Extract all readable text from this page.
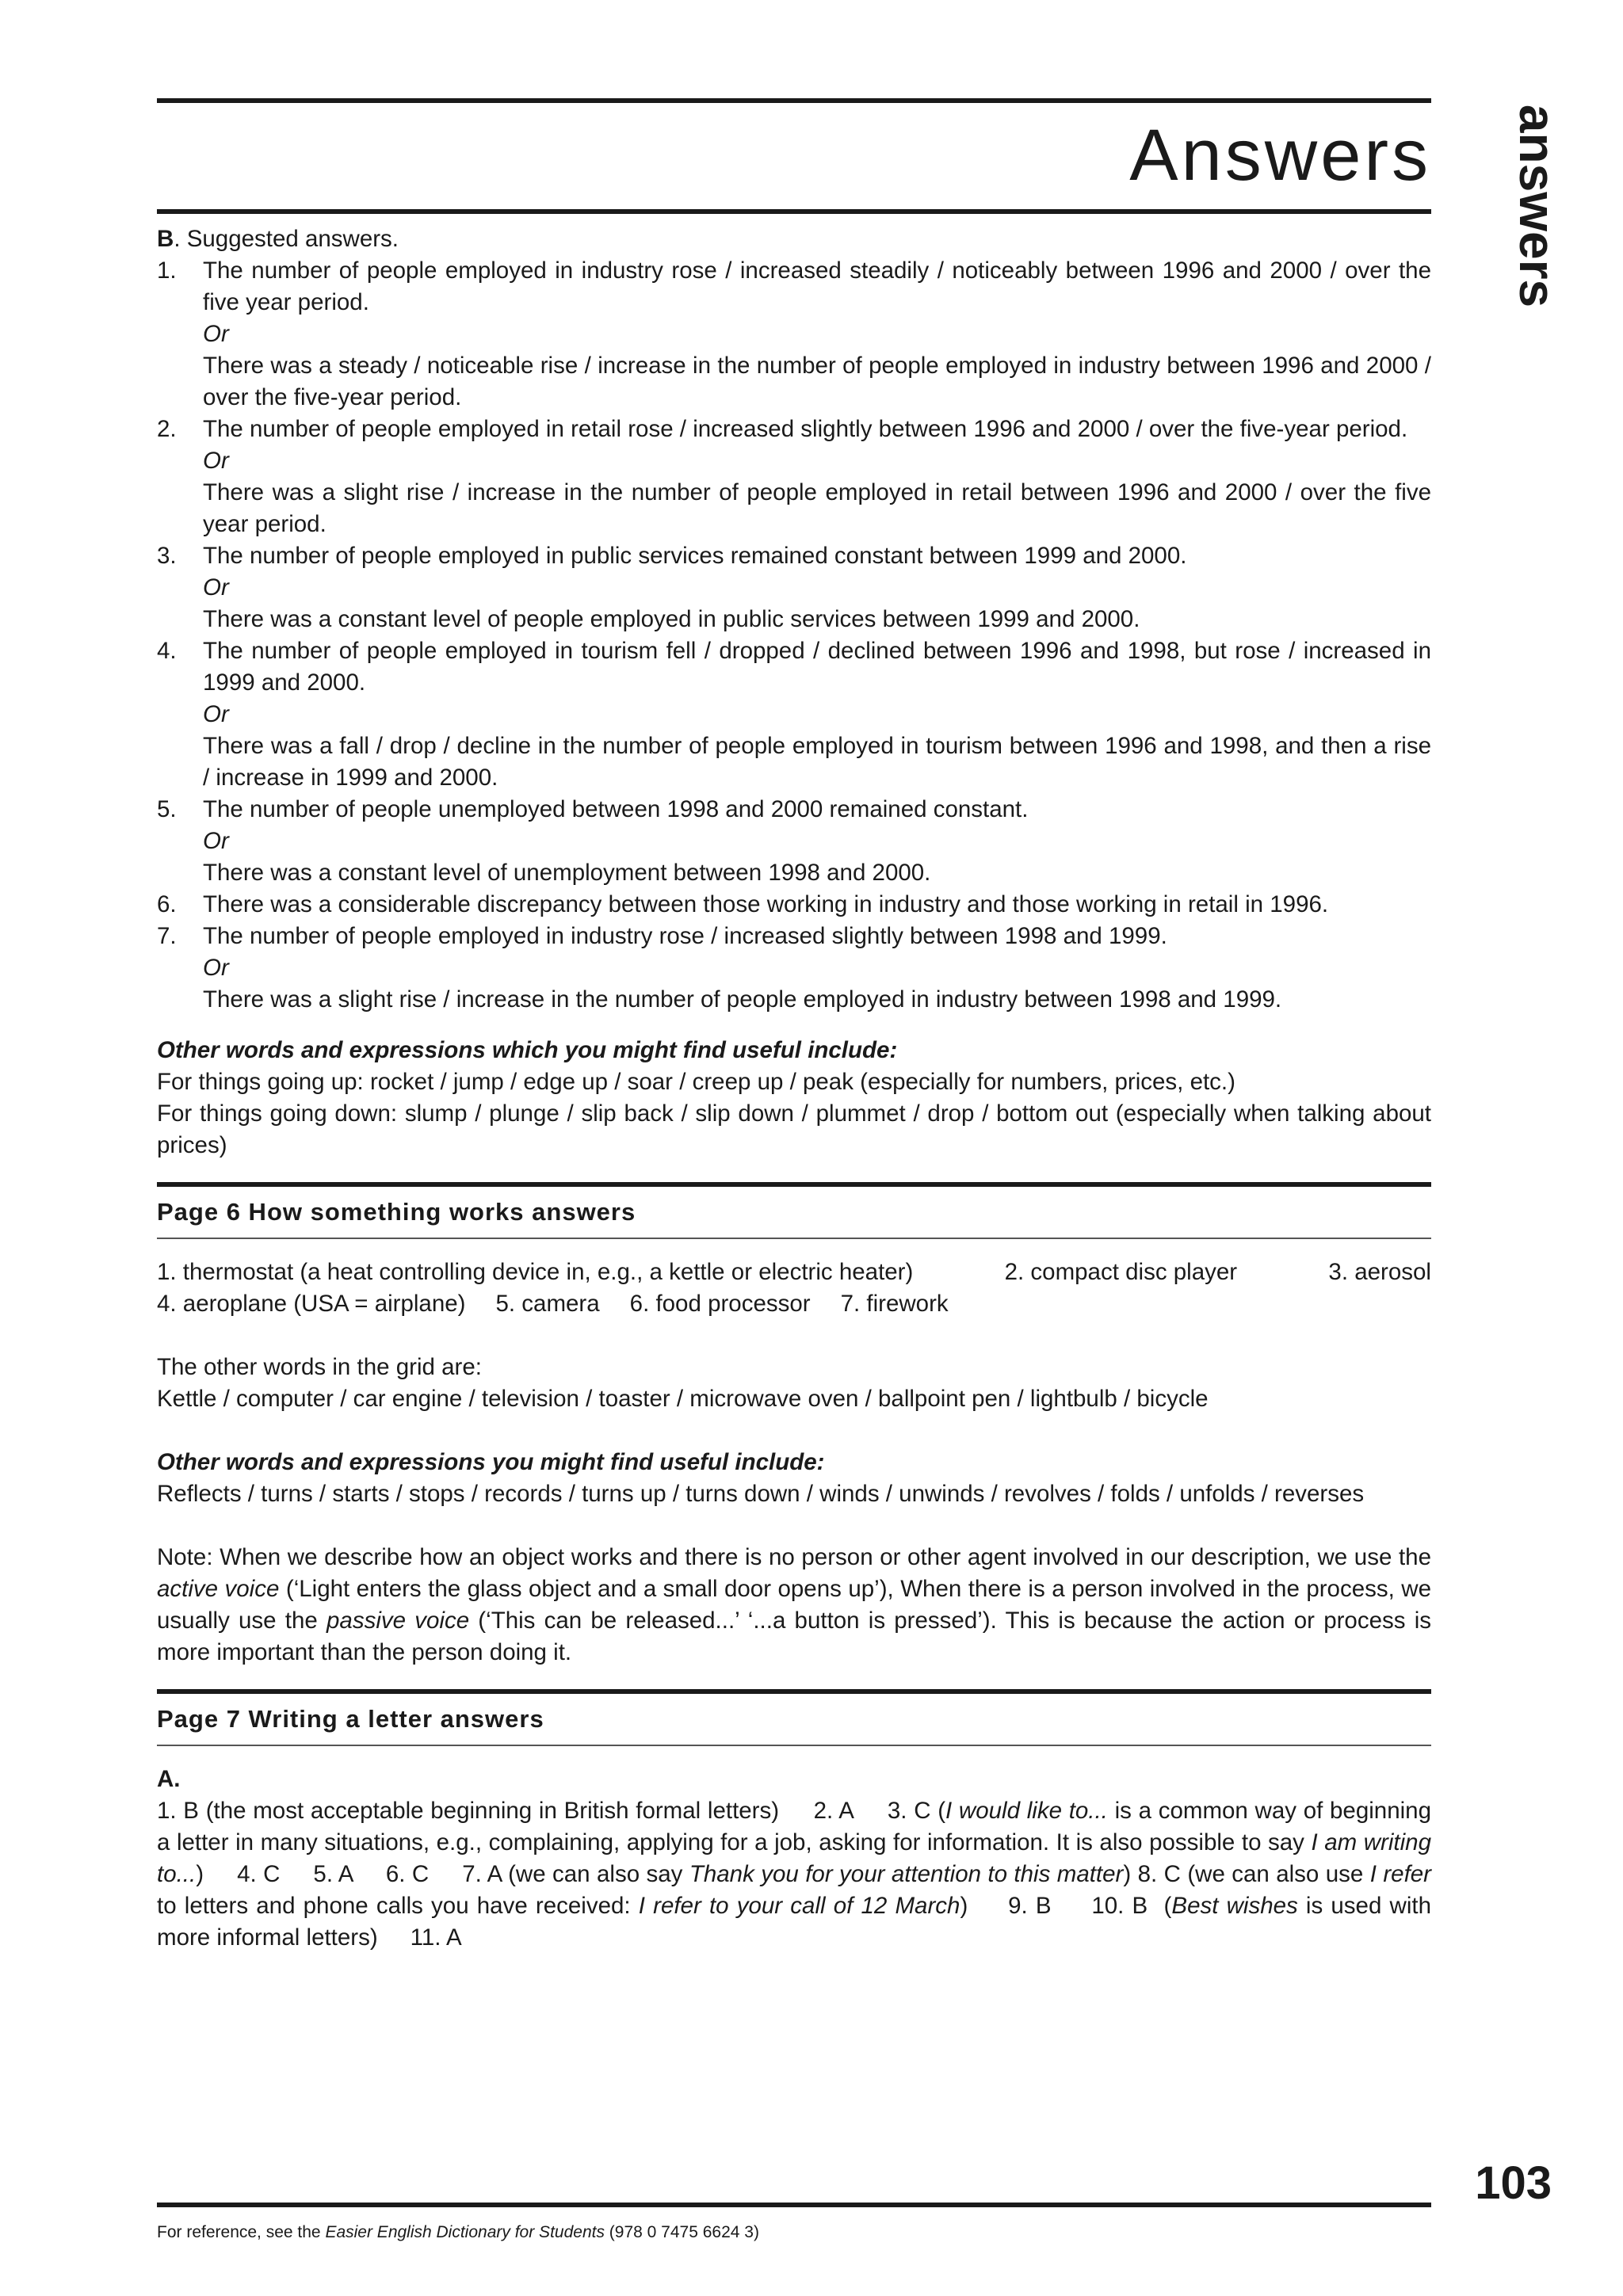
Answers answers

B. Suggested answers.

1.	The number of people employed in industry rose / increased steadily / noticeably between 1996 and 2000 / over the five year period.

Or

There was a steady / noticeable rise / increase in the number of people employed in industry between 1996 and 2000 / over the five-year period.

2.	The number of people employed in retail rose / increased slightly between 1996 and 2000 / over the five-year period.

Or

There was a slight rise / increase in the number of people employed in retail between 1996 and 2000 / over the five year period.

3.	The number of people employed in public services remained constant between 1999 and 2000.

Or

There was a constant level of people employed in public services between 1999 and 2000.

4.	The number of people employed in tourism fell / dropped / declined between 1996 and 1998, but rose / increased in 1999 and 2000.

Or

There was a fall / drop / decline in the number of people employed in tourism between 1996 and 1998, and then a rise / increase in 1999 and 2000.

5.	The number of people unemployed between 1998 and 2000 remained constant.

Or

There was a constant level of unemployment between 1998 and 2000.

6.	There was a considerable discrepancy between those working in industry and those working in retail in 1996.
7.	The number of people employed in industry rose / increased slightly between 1998 and 1999.

Or

There was a slight rise / increase in the number of people employed in industry between 1998 and 1999.

Other words and expressions which you might find useful include:

For things going up: rocket / jump / edge up / soar / creep up / peak (especially for numbers, prices, etc.)

For things going down: slump / plunge / slip back / slip down / plummet / drop / bottom out (especially when talking about prices)

Page 6 How something works answers
1. thermostat (a heat controlling device in, e.g., a kettle or electric heater)	2. compact disc player	3. aerosol
4. aeroplane (USA = airplane) 5. camera 6. food processor 7. firework

The other words in the grid are:

Kettle / computer / car engine / television / toaster / microwave oven / ballpoint pen / lightbulb / bicycle

Other words and expressions you might find useful include:

Reflects / turns / starts / stops / records / turns up / turns down / winds / unwinds / revolves / folds / unfolds / reverses

Note: When we describe how an object works and there is no person or other agent involved in our description, we use the active voice (‘Light enters the glass object and a small door opens up’), When there is a person involved in the process, we usually use the passive voice (‘This can be released...’ ‘...a button is pressed’). This is because the action or process is more important than the person doing it.

Page 7 Writing a letter answers

A.

1. B (the most acceptable beginning in British formal letters)     2. A     3. C (I would like to... is a common way of beginning a letter in many situations, e.g., complaining, applying for a job, asking for information. It is also possible to say I am writing to...)     4. C     5. A     6. C     7. A (we can also say Thank you for your attention to this matter) 8. C (we can also use I refer to letters and phone calls you have received: I refer to your call of 12 March)     9. B     10. B  (Best wishes is used with more informal letters)     11. A

103
For reference, see the Easier English Dictionary for Students (978 0 7475 6624 3)
